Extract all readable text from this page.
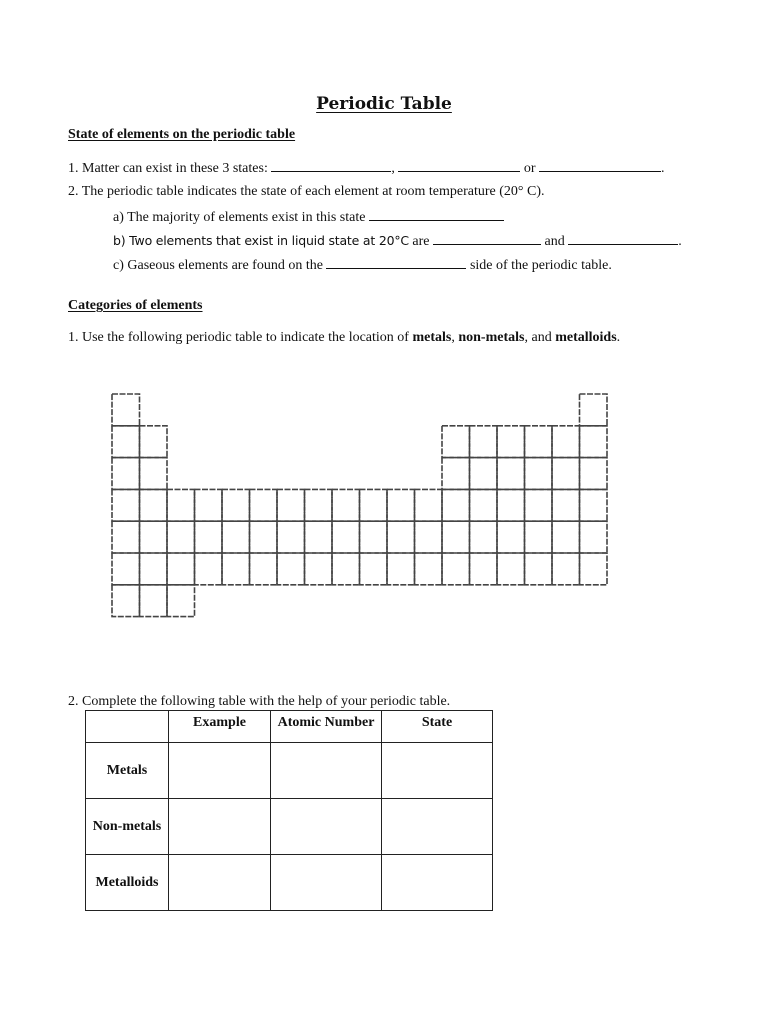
Periodic Table
State of elements on the periodic table
1. Matter can exist in these 3 states:	,	or	.
2. The periodic table indicates the state of each element at room temperature (20° C).
a) The majority of elements exist in this state
b) Two elements that exist in liquid state at 20°C are	and	.
c) Gaseous elements are found on the	side of the periodic table.
Categories of elements
1. Use the following periodic table to indicate the location of metals, non-metals, and metalloids.
2. Complete the following table with the help of your periodic table.
	Example	Atomic Number	State
Metals			
Non-metals			
Metalloids			
